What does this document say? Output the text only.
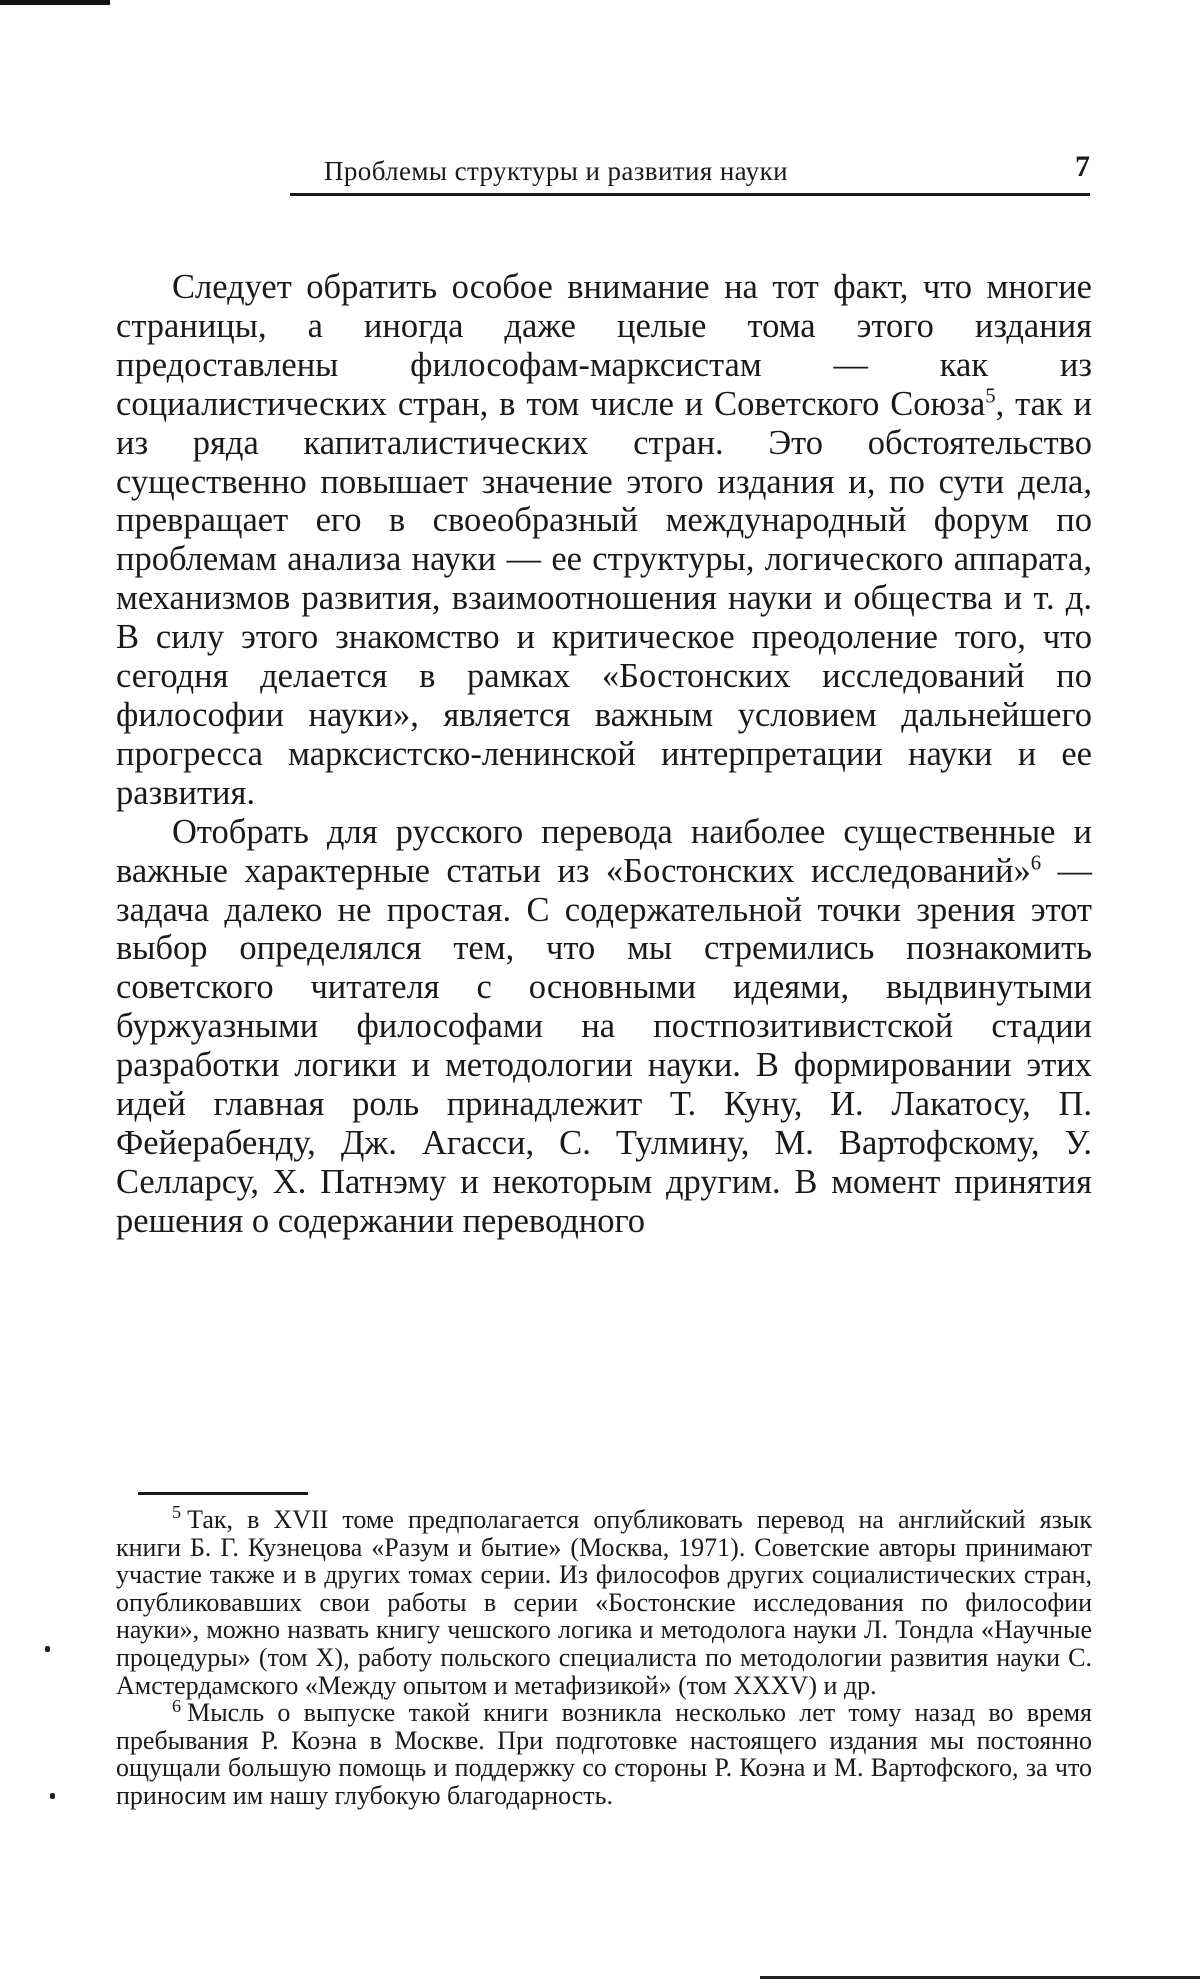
Проблемы структуры и развития науки	7

Следует обратить особое внимание на тот факт, что многие страницы, а иногда даже целые тома этого издания предоставлены философам-марксистам — как из социалистических стран, в том числе и Советского Союза$^5$, так и из ряда капиталистических стран. Это обстоятельство существенно повышает значение этого издания и, по сути дела, превращает его в своеобразный международный форум по проблемам анализа науки — ее структуры, логического аппарата, механизмов развития, взаимоотношения науки и общества и т. д. В силу этого знакомство и критическое преодоление того, что сегодня делается в рамках «Бостонских исследований по философии науки», является важным условием дальнейшего прогресса марксистско-ленинской интерпретации науки и ее развития.

Отобрать для русского перевода наиболее существенные и важные характерные статьи из «Бостонских исследований»$^6$ — задача далеко не простая. С содержательной точки зрения этот выбор определялся тем, что мы стремились познакомить советского читателя с основными идеями, выдвинутыми буржуазными философами на постпозитивистской стадии разработки логики и методологии науки. В формировании этих идей главная роль принадлежит Т. Куну, И. Лакатосу, П. Фейерабенду, Дж. Агасси, С. Тулмину, М. Вартофскому, У. Селларсу, Х. Патнэму и некоторым другим. В момент принятия решения о содержании переводного

$^5$ Так, в XVII томе предполагается опубликовать перевод на английский язык книги Б. Г. Кузнецова «Разум и бытие» (Москва, 1971). Советские авторы принимают участие также и в других томах серии. Из философов других социалистических стран, опубликовавших свои работы в серии «Бостонские исследования по философии науки», можно назвать книгу чешского логика и методолога науки Л. Тондла «Научные процедуры» (том X), работу польского специалиста по методологии развития науки С. Амстердамского «Между опытом и метафизикой» (том XXXV) и др.

$^6$ Мысль о выпуске такой книги возникла несколько лет тому назад во время пребывания Р. Коэна в Москве. При подготовке настоящего издания мы постоянно ощущали большую помощь и поддержку со стороны Р. Коэна и М. Вартофского, за что приносим им нашу глубокую благодарность.
